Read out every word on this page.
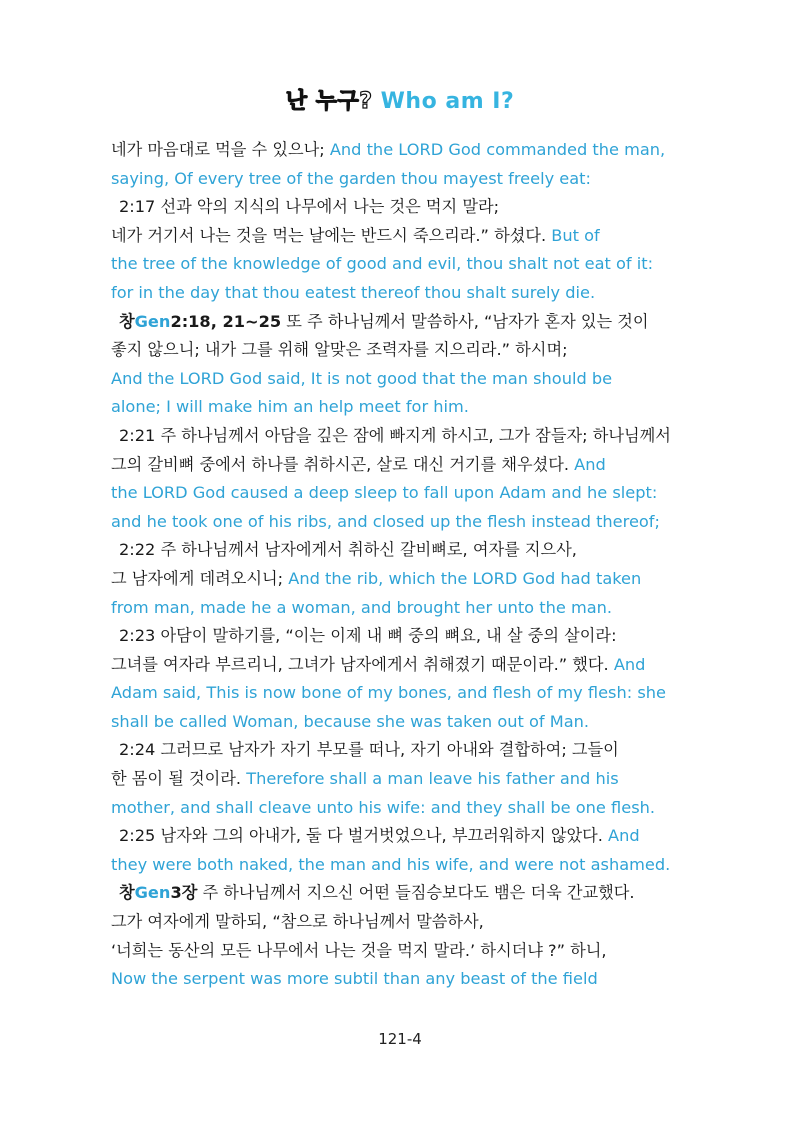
난 누구? Who am I?
네가 마음대로 먹을 수 있으나; And the LORD God commanded the man,
saying, Of every tree of the garden thou mayest freely eat:
2:17 선과 악의 지식의 나무에서 나는 것은 먹지 말라;
네가 거기서 나는 것을 먹는 날에는 반드시 죽으리라.” 하셨다. But of
the tree of the knowledge of good and evil, thou shalt not eat of it:
for in the day that thou eatest thereof thou shalt surely die.
창Gen2:18, 21~25 또 주 하나님께서 말씀하사, “남자가 혼자 있는 것이
좋지 않으니; 내가 그를 위해 알맞은 조력자를 지으리라.” 하시며;
And the LORD God said, It is not good that the man should be
alone; I will make him an help meet for him.
2:21 주 하나님께서 아담을 깊은 잠에 빠지게 하시고, 그가 잠들자; 하나님께서
그의 갈비뼈 중에서 하나를 취하시곤, 살로 대신 거기를 채우셨다. And
the LORD God caused a deep sleep to fall upon Adam and he slept:
and he took one of his ribs, and closed up the flesh instead thereof;
2:22 주 하나님께서 남자에게서 취하신 갈비뼈로, 여자를 지으사,
그 남자에게 데려오시니; And the rib, which the LORD God had taken
from man, made he a woman, and brought her unto the man.
2:23 아담이 말하기를, “이는 이제 내 뼈 중의 뼈요, 내 살 중의 살이라:
그녀를 여자라 부르리니, 그녀가 남자에게서 취해졌기 때문이라.” 했다. And
Adam said, This is now bone of my bones, and flesh of my flesh: she
shall be called Woman, because she was taken out of Man.
2:24 그러므로 남자가 자기 부모를 떠나, 자기 아내와 결합하여; 그들이
한 몸이 될 것이라. Therefore shall a man leave his father and his
mother, and shall cleave unto his wife: and they shall be one flesh.
2:25 남자와 그의 아내가, 둘 다 벌거벗었으나, 부끄러워하지 않았다. And
they were both naked, the man and his wife, and were not ashamed.
창Gen3장 주 하나님께서 지으신 어떤 들짐승보다도 뱀은 더욱 간교했다.
그가 여자에게 말하되, “참으로 하나님께서 말씀하사,
‘너희는 동산의 모든 나무에서 나는 것을 먹지 말라.’ 하시더냐 ?” 하니,
Now the serpent was more subtil than any beast of the field
121-4
